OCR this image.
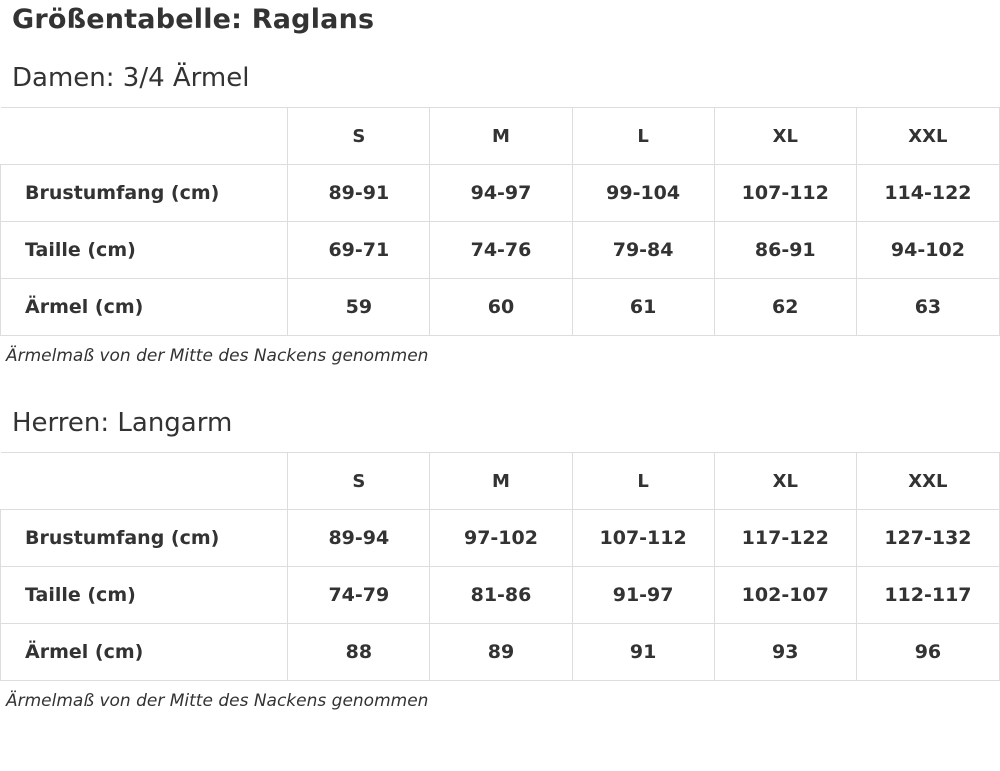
Größentabelle: Raglans
Damen: 3/4 Ärmel
	S	M	L	XL	XXL
Brustumfang (cm)	89-91	94-97	99-104	107-112	114-122
Taille (cm)	69-71	74-76	79-84	86-91	94-102
Ärmel (cm)	59	60	61	62	63
Ärmelmaß von der Mitte des Nackens genommen
Herren: Langarm
	S	M	L	XL	XXL
Brustumfang (cm)	89-94	97-102	107-112	117-122	127-132
Taille (cm)	74-79	81-86	91-97	102-107	112-117
Ärmel (cm)	88	89	91	93	96
Ärmelmaß von der Mitte des Nackens genommen
